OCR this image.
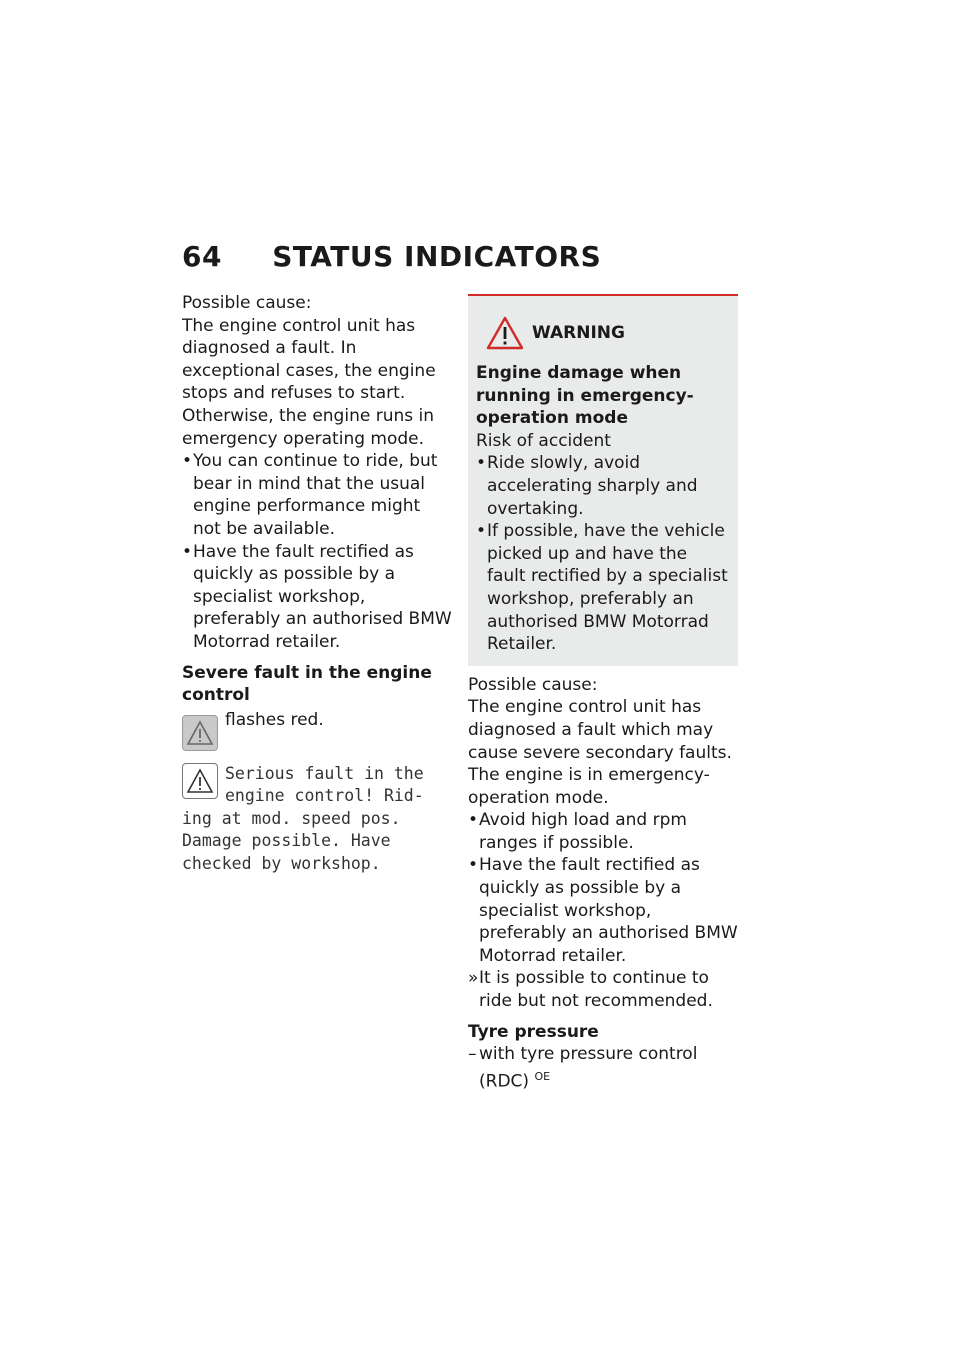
64 STATUS INDICATORS

Possible cause:

The engine control unit has diagnosed a fault. In exceptional cases, the engine stops and refuses to start. Otherwise, the engine runs in emergency operating mode.

• You can continue to ride, but bear in mind that the usual engine performance might not be available.
• Have the fault rectified as quickly as possible by a specialist workshop, preferably an authorised BMW Motorrad retailer.

Severe fault in the engine control

flashes red.
Serious fault in the
engine control! Rid-
ing at mod. speed pos. Damage possible. Have checked by workshop.
WARNING

Engine damage when running in emergency-operation mode

Risk of accident

• Ride slowly, avoid accelerating sharply and overtaking.
• If possible, have the vehicle picked up and have the fault rectified by a specialist workshop, preferably an authorised BMW Motorrad Retailer.

Possible cause:

The engine control unit has diagnosed a fault which may cause severe secondary faults. The engine is in emergency-operation mode.

• Avoid high load and rpm ranges if possible.
• Have the fault rectified as quickly as possible by a specialist workshop, preferably an authorised BMW Motorrad retailer.
» It is possible to continue to ride but not recommended.

Tyre pressure

– with tyre pressure control (RDC) $^{OE}$
